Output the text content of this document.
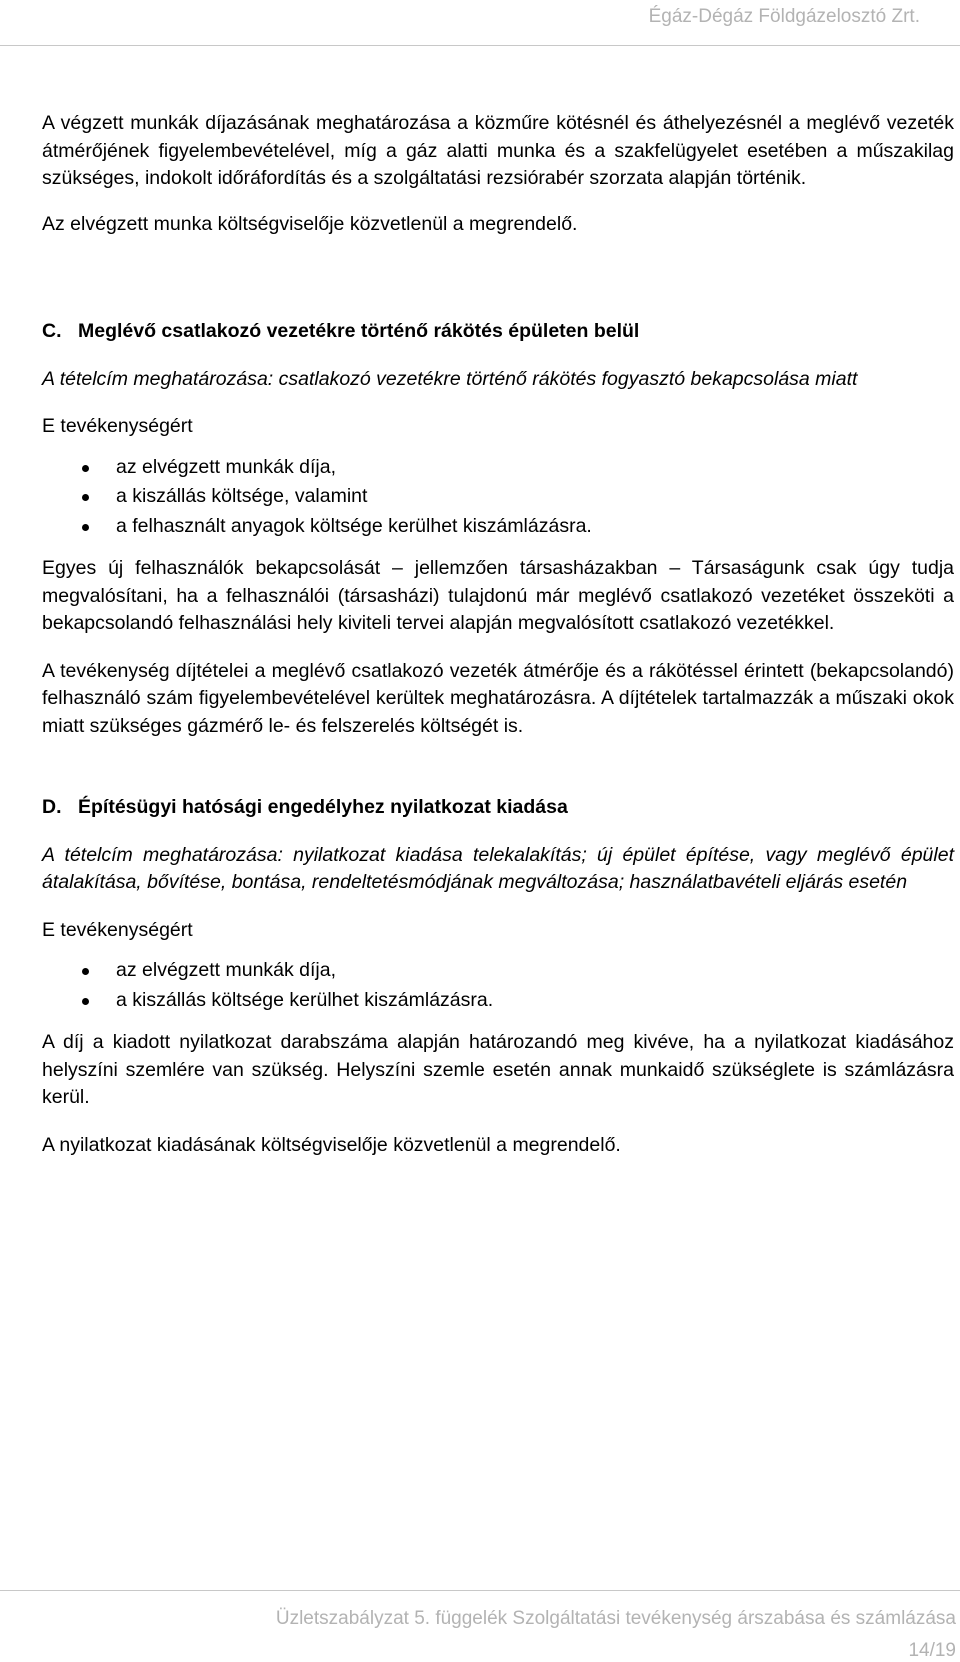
Égáz-Dégáz Földgázelosztó Zrt.

A végzett munkák díjazásának meghatározása a közműre kötésnél és áthelyezésnél a meglévő vezeték átmérőjének figyelembevételével, míg a gáz alatti munka és a szakfelügyelet esetében a műszakilag szükséges, indokolt időráfordítás és a szolgáltatási rezsiórabér szorzata alapján történik.

Az elvégzett munka költségviselője közvetlenül a megrendelő.

C. Meglévő csatlakozó vezetékre történő rákötés épületen belül

A tételcím meghatározása: csatlakozó vezetékre történő rákötés fogyasztó bekapcsolása miatt

E tevékenységért

az elvégzett munkák díja,
a kiszállás költsége, valamint
a felhasznált anyagok költsége kerülhet kiszámlázásra.

Egyes új felhasználók bekapcsolását – jellemzően társasházakban – Társaságunk csak úgy tudja megvalósítani, ha a felhasználói (társasházi) tulajdonú már meglévő csatlakozó vezetéket összeköti a bekapcsolandó felhasználási hely kiviteli tervei alapján megvalósított csatlakozó vezetékkel.

A tevékenység díjtételei a meglévő csatlakozó vezeték átmérője és a rákötéssel érintett (bekapcsolandó) felhasználó szám figyelembevételével kerültek meghatározásra. A díjtételek tartalmazzák a műszaki okok miatt szükséges gázmérő le- és felszerelés költségét is.

D. Építésügyi hatósági engedélyhez nyilatkozat kiadása

A tételcím meghatározása: nyilatkozat kiadása telekalakítás; új épület építése, vagy meglévő épület átalakítása, bővítése, bontása, rendeltetésmódjának megváltozása; használatbavételi eljárás esetén

E tevékenységért

az elvégzett munkák díja,
a kiszállás költsége kerülhet kiszámlázásra.

A díj a kiadott nyilatkozat darabszáma alapján határozandó meg kivéve, ha a nyilatkozat kiadásához helyszíni szemlére van szükség. Helyszíni szemle esetén annak munkaidő szükséglete is számlázásra kerül.

A nyilatkozat kiadásának költségviselője közvetlenül a megrendelő.

Üzletszabályzat 5. függelék Szolgáltatási tevékenység árszabása és számlázása
14/19
